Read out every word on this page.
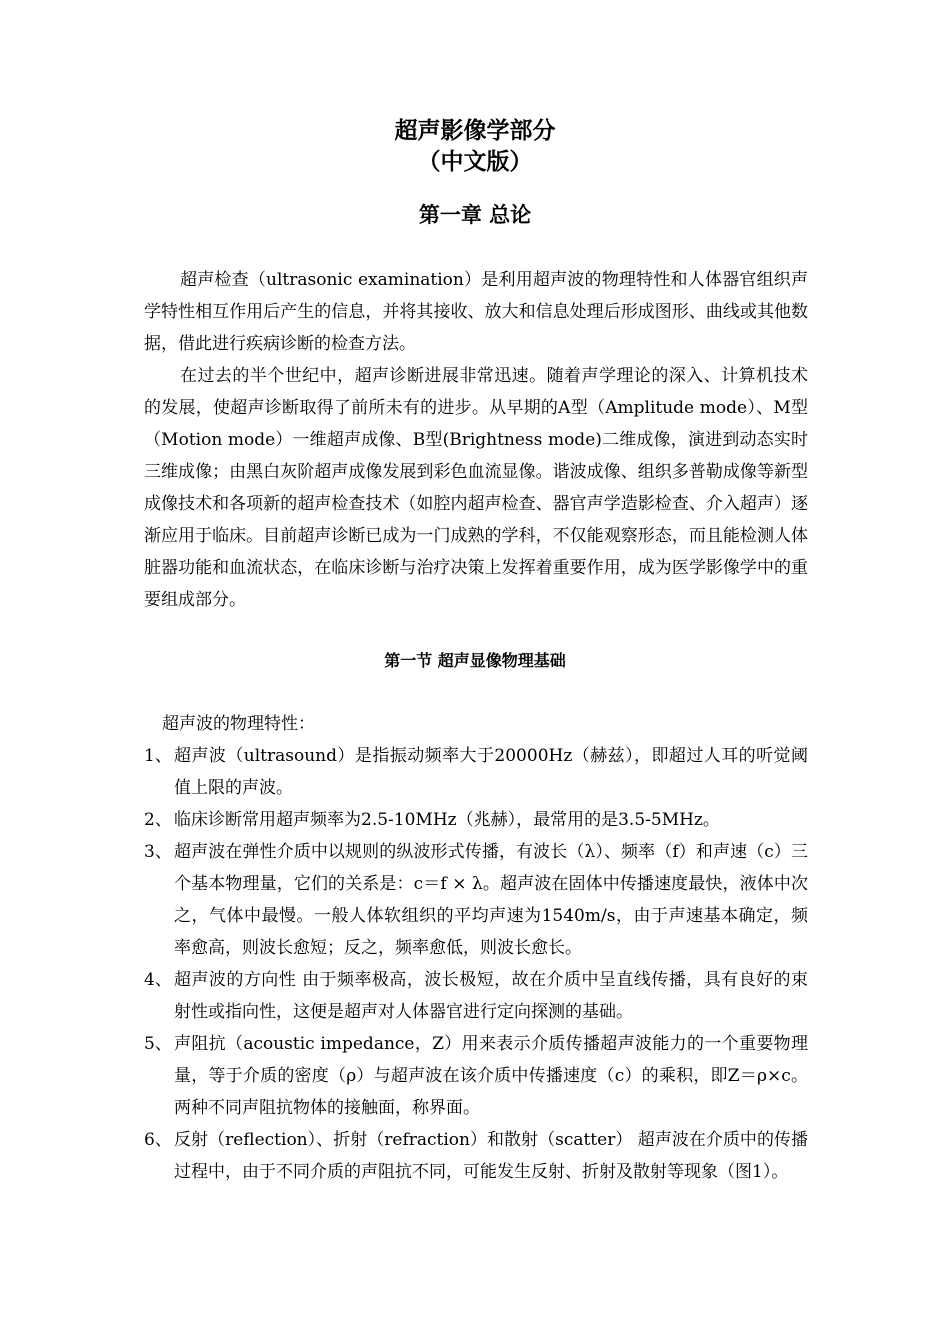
超声影像学部分
（中文版）
第一章 总论

超声检查（ultrasonic examination）是利用超声波的物理特性和人体器官组织声学特性相互作用后产生的信息，并将其接收、放大和信息处理后形成图形、曲线或其他数据，借此进行疾病诊断的检查方法。

在过去的半个世纪中，超声诊断进展非常迅速。随着声学理论的深入、计算机技术的发展，使超声诊断取得了前所未有的进步。从早期的A型（Amplitude mode）、M型（Motion mode）一维超声成像、B型(Brightness mode)二维成像，演进到动态实时三维成像；由黑白灰阶超声成像发展到彩色血流显像。谐波成像、组织多普勒成像等新型成像技术和各项新的超声检查技术（如腔内超声检查、器官声学造影检查、介入超声）逐渐应用于临床。目前超声诊断已成为一门成熟的学科，不仅能观察形态，而且能检测人体脏器功能和血流状态，在临床诊断与治疗决策上发挥着重要作用，成为医学影像学中的重要组成部分。

第一节 超声显像物理基础
超声波的物理特性：
1、 超声波（ultrasound）是指振动频率大于20000Hz（赫兹），即超过人耳的听觉阈值上限的声波。
2、 临床诊断常用超声频率为2.5-10MHz（兆赫），最常用的是3.5-5MHz。
3、 超声波在弹性介质中以规则的纵波形式传播，有波长（λ）、频率（f）和声速（c）三个基本物理量，它们的关系是：c＝f × λ。超声波在固体中传播速度最快，液体中次之，气体中最慢。一般人体软组织的平均声速为1540m/s，由于声速基本确定，频率愈高，则波长愈短；反之，频率愈低，则波长愈长。
4、 超声波的方向性 由于频率极高，波长极短，故在介质中呈直线传播，具有良好的束射性或指向性，这便是超声对人体器官进行定向探测的基础。
5、 声阻抗（acoustic impedance，Z）用来表示介质传播超声波能力的一个重要物理量，等于介质的密度（ρ）与超声波在该介质中传播速度（c）的乘积，即Z＝ρ×c。两种不同声阻抗物体的接触面，称界面。
6、 反射（reflection）、折射（refraction）和散射（scatter） 超声波在介质中的传播过程中，由于不同介质的声阻抗不同，可能发生反射、折射及散射等现象（图1）。
